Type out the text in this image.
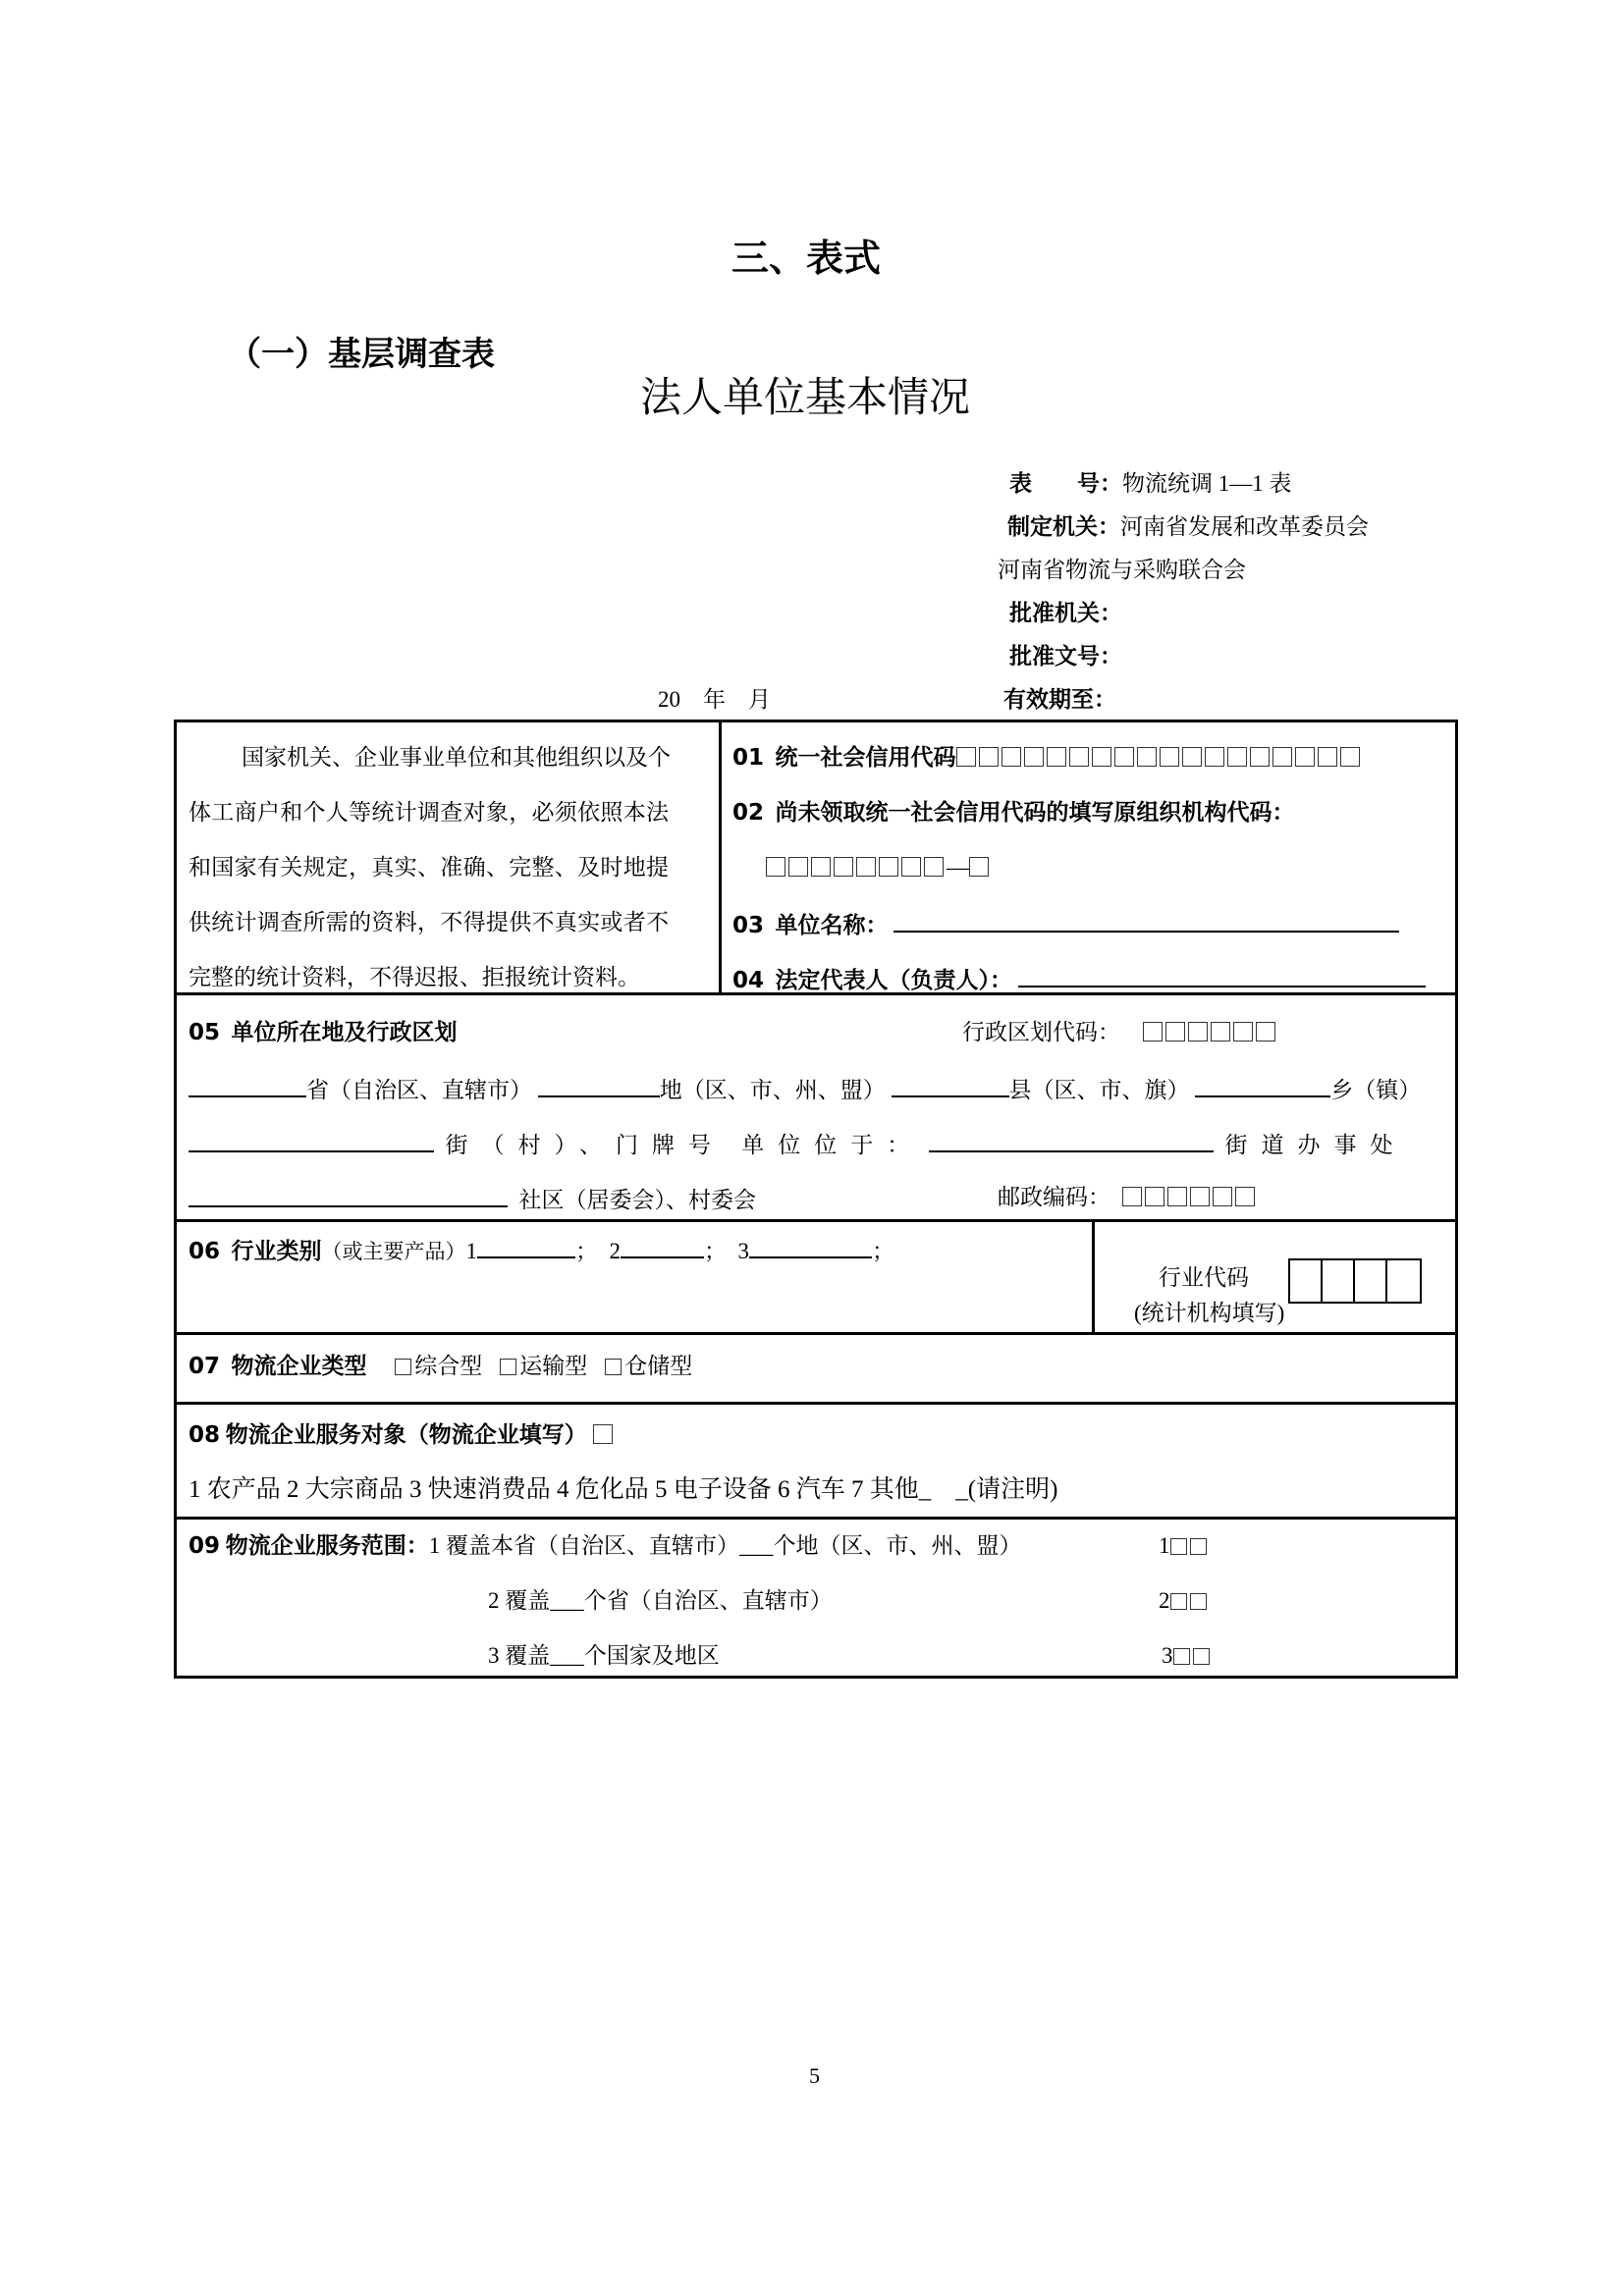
三、表式
（一）基层调查表
法人单位基本情况
表　　号：物流统调 1—1 表
制定机关：河南省发展和改革委员会
河南省物流与采购联合会
批准机关：
批准文号：
20　年　月	有效期至：
国家机关、企业事业单位和其他组织以及个
体工商户和个人等统计调查对象，必须依照本法
和国家有关规定，真实、准确、完整、及时地提
供统计调查所需的资料，不得提供不真实或者不
完整的统计资料，不得迟报、拒报统计资料。
01 统一社会信用代码
02 尚未领取统一社会信用代码的填写原组织机构代码：
—
03 单位名称：
04 法定代表人（负责人）：
05 单位所在地及行政区划	行政区划代码：
省（自治区、直辖市）	地（区、市、州、盟）	县（区、市、旗）	乡（镇）
街（村）、门牌号 单位位于：	街道办事处
社区（居委会）、村委会	邮政编码：
06 行业类别（或主要产品）1	； 2	； 3	；
行业代码
(统计机构填写)
07 物流企业类型 综合型 运输型 仓储型
08 物流企业服务对象（物流企业填写）
1 农产品 2 大宗商品 3 快速消费品 4 危化品 5 电子设备 6 汽车 7 其他_　_(请注明)
09 物流企业服务范围：1 覆盖本省（自治区、直辖市）___个地（区、市、州、盟）	1
2 覆盖___个省（自治区、直辖市）	2
3 覆盖___个国家及地区	3
5
